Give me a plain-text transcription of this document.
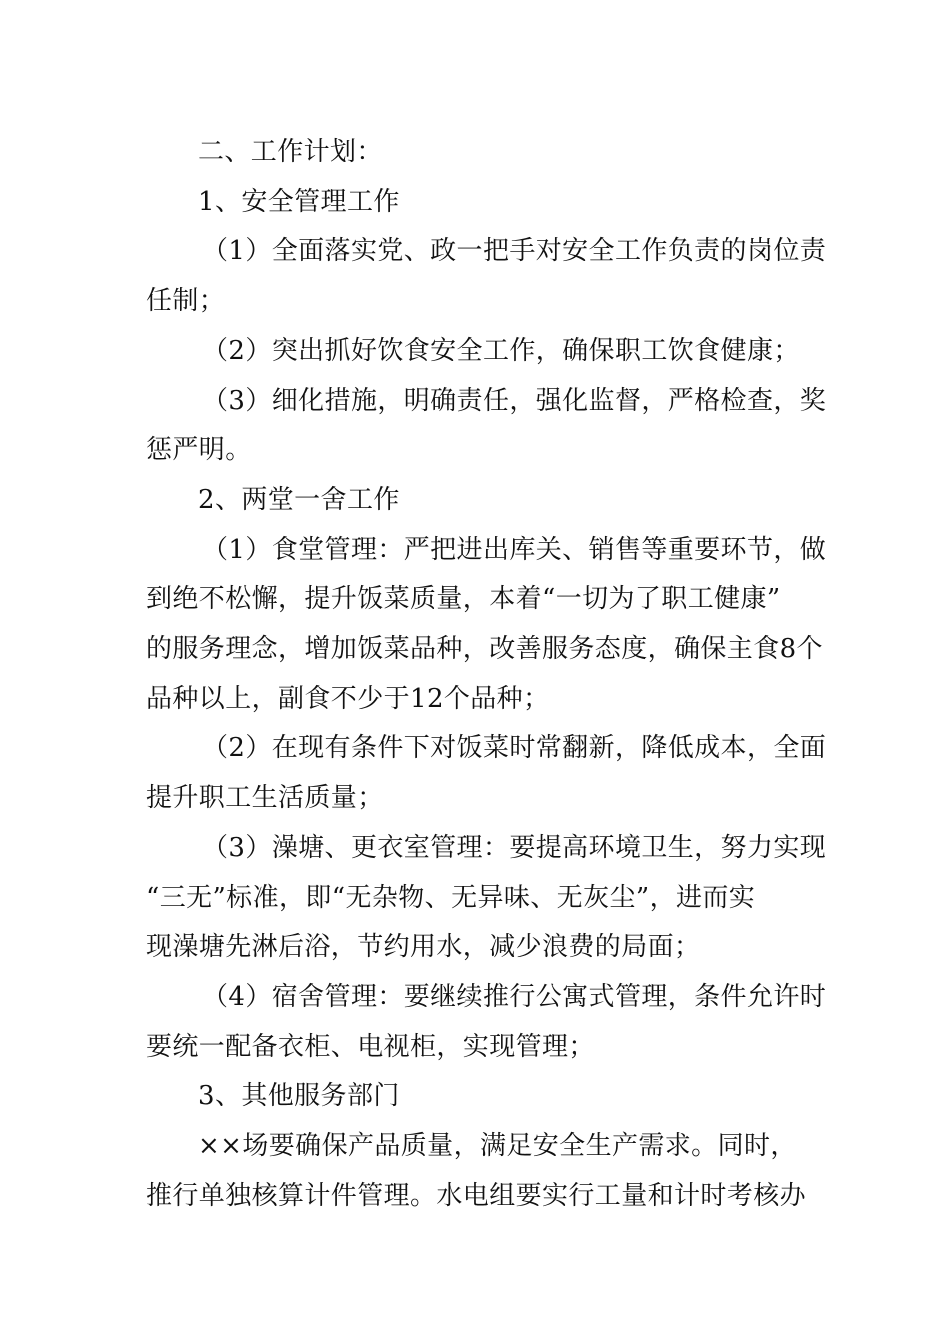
二、工作计划：
1、安全管理工作
（1）全面落实党、政一把手对安全工作负责的岗位责
任制；
（2）突出抓好饮食安全工作，确保职工饮食健康；
（3）细化措施，明确责任，强化监督，严格检查，奖
惩严明。
2、两堂一舍工作
（1）食堂管理：严把进出库关、销售等重要环节，做
到绝不松懈，提升饭菜质量，本着“一切为了职工健康”
的服务理念，增加饭菜品种，改善服务态度，确保主食8个
品种以上，副食不少于12个品种；
（2）在现有条件下对饭菜时常翻新，降低成本，全面
提升职工生活质量；
（3）澡塘、更衣室管理：要提高环境卫生，努力实现
“三无”标准，即“无杂物、无异味、无灰尘”，进而实
现澡塘先淋后浴，节约用水，减少浪费的局面；
（4）宿舍管理：要继续推行公寓式管理，条件允许时
要统一配备衣柜、电视柜，实现管理；
3、其他服务部门
××场要确保产品质量，满足安全生产需求。同时，
推行单独核算计件管理。水电组要实行工量和计时考核办
